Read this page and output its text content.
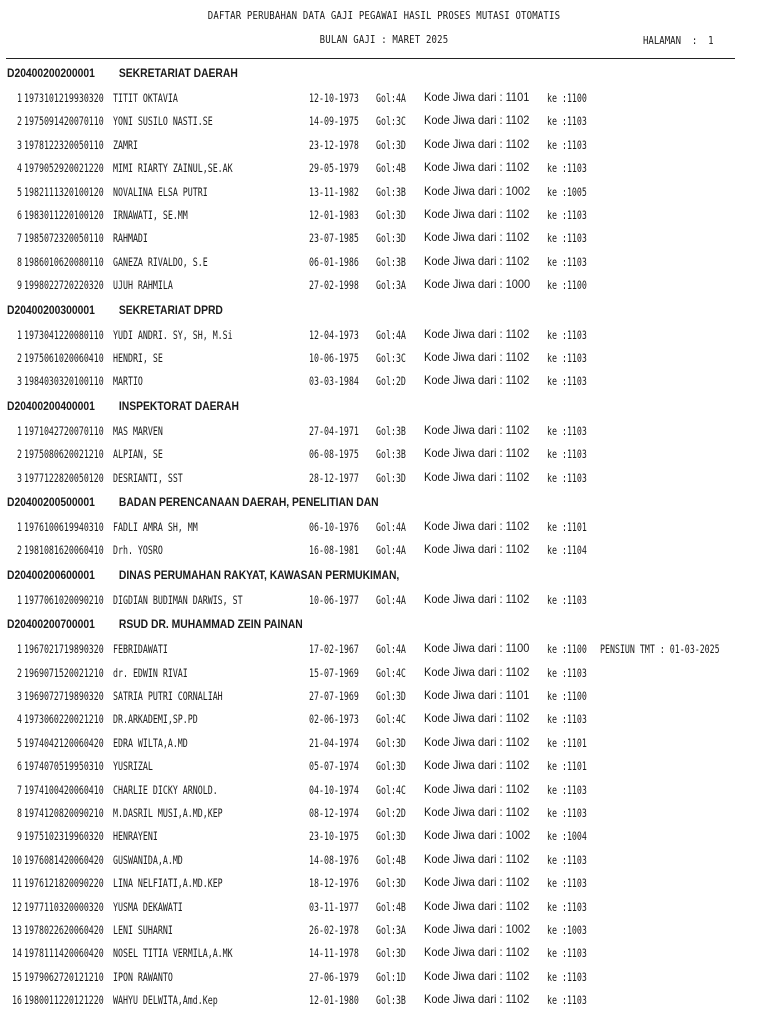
DAFTAR PERUBAHAN DATA GAJI PEGAWAI HASIL PROSES MUTASI OTOMATIS
BULAN GAJI : MARET 2025	HALAMAN  :  1
D20400200200001 SEKRETARIAT DAERAH
1 1973101219930320 TITIT OKTAVIA	12-10-1973 Gol:4A Kode Jiwa dari : 1101 ke :1100
2 1975091420070110 YONI SUSILO NASTI.SE	14-09-1975 Gol:3C Kode Jiwa dari : 1102 ke :1103
3 1978122320050110 ZAMRI	23-12-1978 Gol:3D Kode Jiwa dari : 1102 ke :1103
4 1979052920021220 MIMI RIARTY ZAINUL,SE.AK	29-05-1979 Gol:4B Kode Jiwa dari : 1102 ke :1103
5 1982111320100120 NOVALINA ELSA PUTRI	13-11-1982 Gol:3B Kode Jiwa dari : 1002 ke :1005
6 1983011220100120 IRNAWATI, SE.MM	12-01-1983 Gol:3D Kode Jiwa dari : 1102 ke :1103
7 1985072320050110 RAHMADI	23-07-1985 Gol:3D Kode Jiwa dari : 1102 ke :1103
8 1986010620080110 GANEZA RIVALDO, S.E	06-01-1986 Gol:3B Kode Jiwa dari : 1102 ke :1103
9 1998022720220320 UJUH RAHMILA	27-02-1998 Gol:3A Kode Jiwa dari : 1000 ke :1100
D20400200300001 SEKRETARIAT DPRD
1 1973041220080110 YUDI ANDRI. SY, SH, M.Si	12-04-1973 Gol:4A Kode Jiwa dari : 1102 ke :1103
2 1975061020060410 HENDRI, SE	10-06-1975 Gol:3C Kode Jiwa dari : 1102 ke :1103
3 1984030320100110 MARTIO	03-03-1984 Gol:2D Kode Jiwa dari : 1102 ke :1103
D20400200400001 INSPEKTORAT DAERAH
1 1971042720070110 MAS MARVEN	27-04-1971 Gol:3B Kode Jiwa dari : 1102 ke :1103
2 1975080620021210 ALPIAN, SE	06-08-1975 Gol:3B Kode Jiwa dari : 1102 ke :1103
3 1977122820050120 DESRIANTI, SST	28-12-1977 Gol:3D Kode Jiwa dari : 1102 ke :1103
D20400200500001 BADAN PERENCANAAN DAERAH, PENELITIAN DAN
1 1976100619940310 FADLI AMRA SH, MM	06-10-1976 Gol:4A Kode Jiwa dari : 1102 ke :1101
2 1981081620060410 Drh. YOSRO	16-08-1981 Gol:4A Kode Jiwa dari : 1102 ke :1104
D20400200600001 DINAS PERUMAHAN RAKYAT, KAWASAN PERMUKIMAN,
1 1977061020090210 DIGDIAN BUDIMAN DARWIS, ST	10-06-1977 Gol:4A Kode Jiwa dari : 1102 ke :1103
D20400200700001 RSUD DR. MUHAMMAD ZEIN PAINAN
1 1967021719890320 FEBRIDAWATI	17-02-1967 Gol:4A Kode Jiwa dari : 1100 ke :1100 PENSIUN TMT : 01-03-2025
2 1969071520021210 dr. EDWIN RIVAI	15-07-1969 Gol:4C Kode Jiwa dari : 1102 ke :1103
3 1969072719890320 SATRIA PUTRI CORNALIAH	27-07-1969 Gol:3D Kode Jiwa dari : 1101 ke :1100
4 1973060220021210 DR.ARKADEMI,SP.PD	02-06-1973 Gol:4C Kode Jiwa dari : 1102 ke :1103
5 1974042120060420 EDRA WILTA,A.MD	21-04-1974 Gol:3D Kode Jiwa dari : 1102 ke :1101
6 1974070519950310 YUSRIZAL	05-07-1974 Gol:3D Kode Jiwa dari : 1102 ke :1101
7 1974100420060410 CHARLIE DICKY ARNOLD.	04-10-1974 Gol:4C Kode Jiwa dari : 1102 ke :1103
8 1974120820090210 M.DASRIL MUSI,A.MD,KEP	08-12-1974 Gol:2D Kode Jiwa dari : 1102 ke :1103
9 1975102319960320 HENRAYENI	23-10-1975 Gol:3D Kode Jiwa dari : 1002 ke :1004
10 1976081420060420 GUSWANIDA,A.MD	14-08-1976 Gol:4B Kode Jiwa dari : 1102 ke :1103
11 1976121820090220 LINA NELFIATI,A.MD.KEP	18-12-1976 Gol:3D Kode Jiwa dari : 1102 ke :1103
12 1977110320000320 YUSMA DEKAWATI	03-11-1977 Gol:4B Kode Jiwa dari : 1102 ke :1103
13 1978022620060420 LENI SUHARNI	26-02-1978 Gol:3A Kode Jiwa dari : 1002 ke :1003
14 1978111420060420 NOSEL TITIA VERMILA,A.MK	14-11-1978 Gol:3D Kode Jiwa dari : 1102 ke :1103
15 1979062720121210 IPON RAWANTO	27-06-1979 Gol:1D Kode Jiwa dari : 1102 ke :1103
16 1980011220121220 WAHYU DELWITA,Amd.Kep	12-01-1980 Gol:3B Kode Jiwa dari : 1102 ke :1103
